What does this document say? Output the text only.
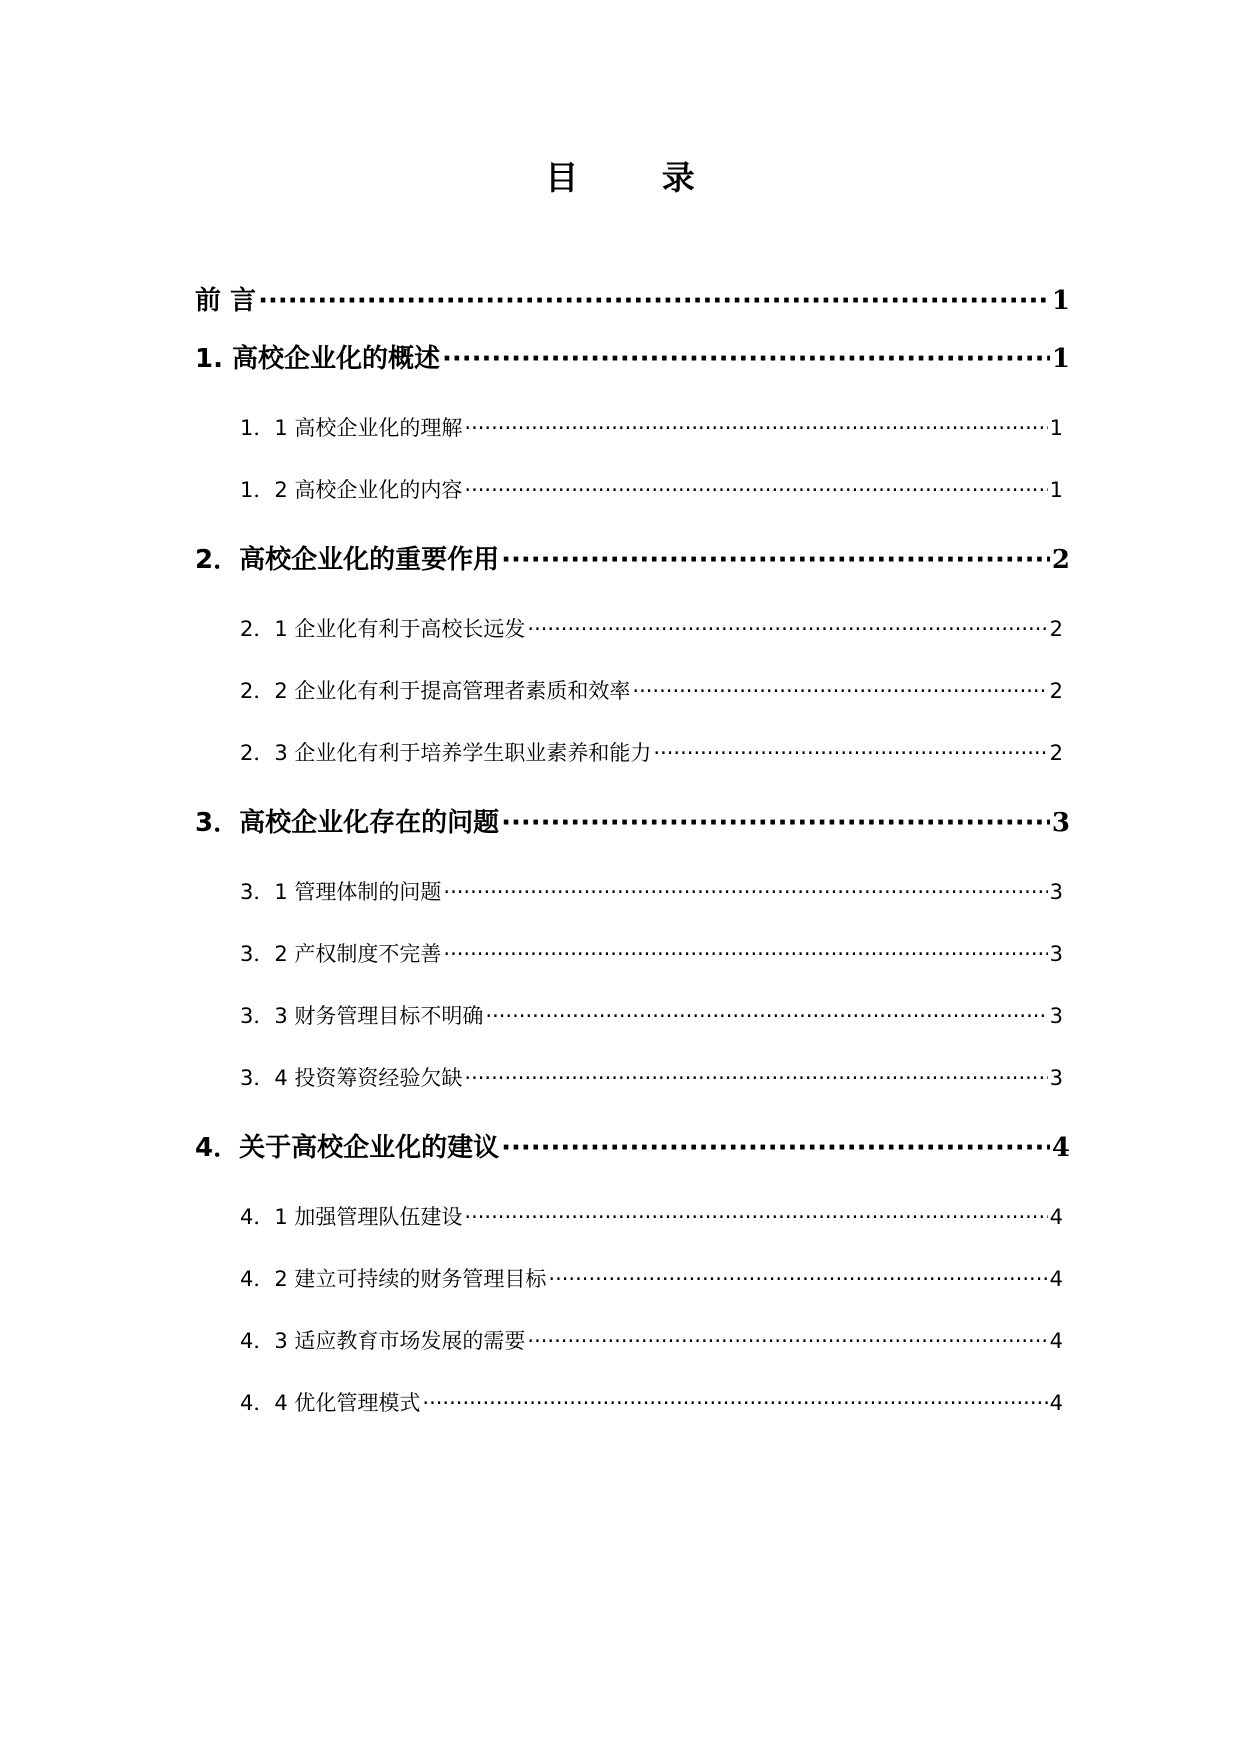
目 录
前 言 ·····	1
1. 高校企业化的概述 ·····	1
1．1 高校企业化的理解 ·····	1
1．2 高校企业化的内容 ·····	1
2．高校企业化的重要作用 ·····	2
2．1 企业化有利于高校长远发 ·····	2
2．2 企业化有利于提高管理者素质和效率 ·····	2
2．3 企业化有利于培养学生职业素养和能力 ·····	2
3．高校企业化存在的问题 ·····	3
3．1 管理体制的问题 ·····	3
3．2 产权制度不完善 ·····	3
3．3 财务管理目标不明确 ·····	3
3．4 投资筹资经验欠缺 ·····	3
4．关于高校企业化的建议 ·····	4
4．1 加强管理队伍建设 ·····	4
4．2 建立可持续的财务管理目标 ·····	4
4．3 适应教育市场发展的需要 ·····	4
4．4 优化管理模式 ·····	4
